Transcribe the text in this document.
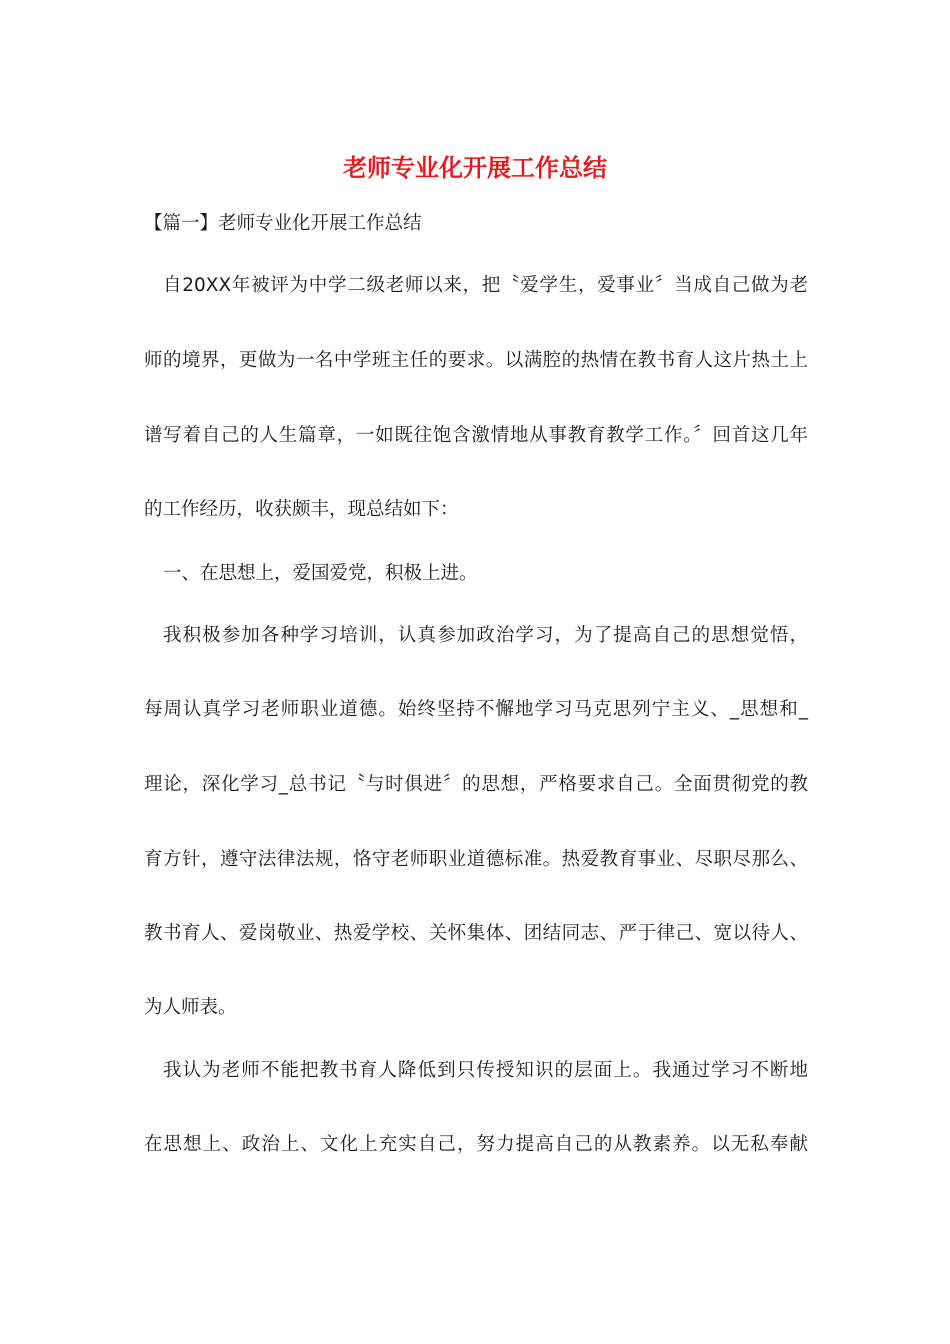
老师专业化开展工作总结

【篇一】老师专业化开展工作总结

自20XX年被评为中学二级老师以来，把〝爱学生，爱事业〞当成自己做为老

师的境界，更做为一名中学班主任的要求。以满腔的热情在教书育人这片热土上

谱写着自己的人生篇章，一如既往饱含激情地从事教育教学工作。〞回首这几年

的工作经历，收获颇丰，现总结如下：

一、在思想上，爱国爱党，积极上进。

我积极参加各种学习培训，认真参加政治学习，为了提高自己的思想觉悟，

每周认真学习老师职业道德。始终坚持不懈地学习马克思列宁主义、_思想和_

理论，深化学习_总书记〝与时俱进〞的思想，严格要求自己。全面贯彻党的教

育方针，遵守法律法规，恪守老师职业道德标准。热爱教育事业、尽职尽那么、

教书育人、爱岗敬业、热爱学校、关怀集体、团结同志、严于律己、宽以待人、

为人师表。

我认为老师不能把教书育人降低到只传授知识的层面上。我通过学习不断地

在思想上、政治上、文化上充实自己，努力提高自己的从教素养。以无私奉献
